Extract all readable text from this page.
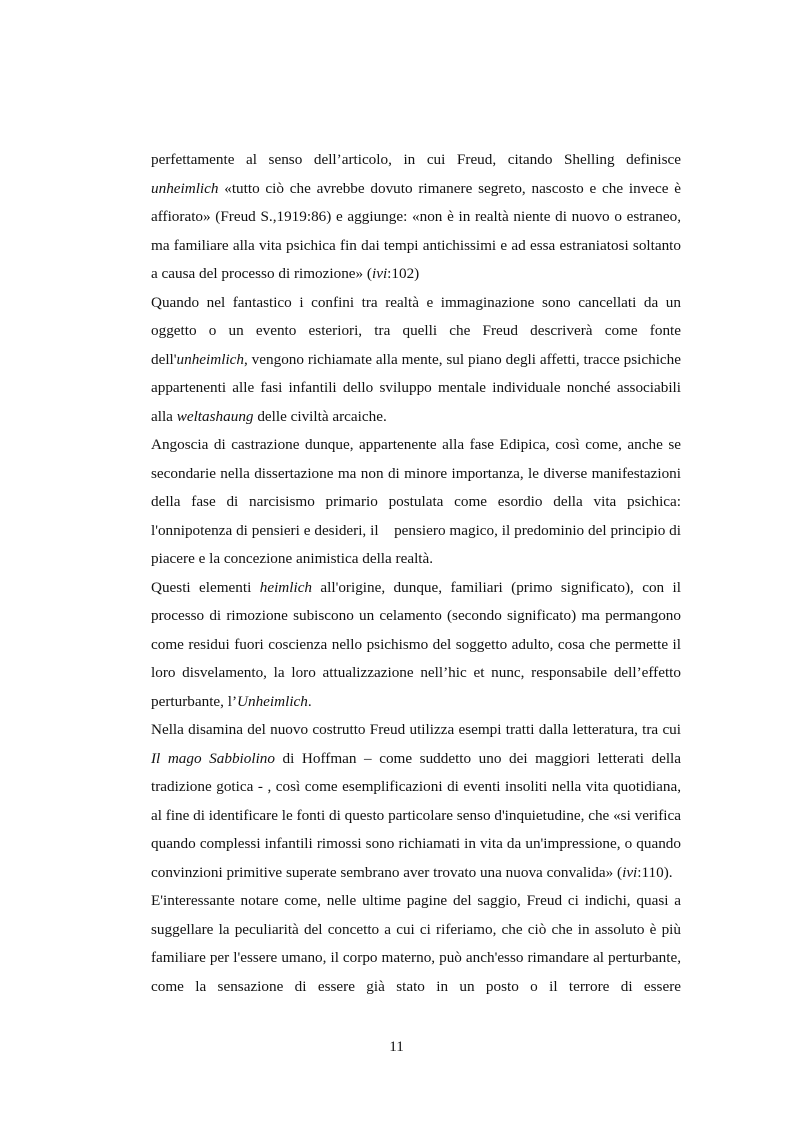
perfettamente al senso dell’articolo, in cui Freud, citando Shelling definisce unheimlich «tutto ciò che avrebbe dovuto rimanere segreto, nascosto e che invece è affiorato» (Freud S.,1919:86) e aggiunge: «non è in realtà niente di nuovo o estraneo, ma familiare alla vita psichica fin dai tempi antichissimi e ad essa estraniatosi soltanto a causa del processo di rimozione» (ivi:102)

Quando nel fantastico i confini tra realtà e immaginazione sono cancellati da un oggetto o un evento esteriori, tra quelli che Freud descriverà come fonte dell'unheimlich, vengono richiamate alla mente, sul piano degli affetti, tracce psichiche appartenenti alle fasi infantili dello sviluppo mentale individuale nonché associabili alla weltashaung delle civiltà arcaiche.

Angoscia di castrazione dunque, appartenente alla fase Edipica, così come, anche se secondarie nella dissertazione ma non di minore importanza, le diverse manifestazioni della fase di narcisismo primario postulata come esordio della vita psichica: l'onnipotenza di pensieri e desideri, il    pensiero magico, il predominio del principio di piacere e la concezione animistica della realtà.

Questi elementi heimlich all'origine, dunque, familiari (primo significato), con il processo di rimozione subiscono un celamento (secondo significato) ma permangono come residui fuori coscienza nello psichismo del soggetto adulto, cosa che permette il loro disvelamento, la loro attualizzazione nell’hic et nunc, responsabile dell’effetto perturbante, l’Unheimlich.

Nella disamina del nuovo costrutto Freud utilizza esempi tratti dalla letteratura, tra cui Il mago Sabbiolino di Hoffman – come suddetto uno dei maggiori letterati della tradizione gotica - , così come esemplificazioni di eventi insoliti nella vita quotidiana, al fine di identificare le fonti di questo particolare senso d'inquietudine, che «si verifica quando complessi infantili rimossi sono richiamati in vita da un'impressione, o quando convinzioni primitive superate sembrano aver trovato una nuova convalida» (ivi:110).

E'interessante notare come, nelle ultime pagine del saggio, Freud ci indichi, quasi a suggellare la peculiarità del concetto a cui ci riferiamo, che ciò che in assoluto è più familiare per l'essere umano, il corpo materno, può anch'esso rimandare al perturbante, come la sensazione di essere già stato in un posto o il terrore di essere

11
